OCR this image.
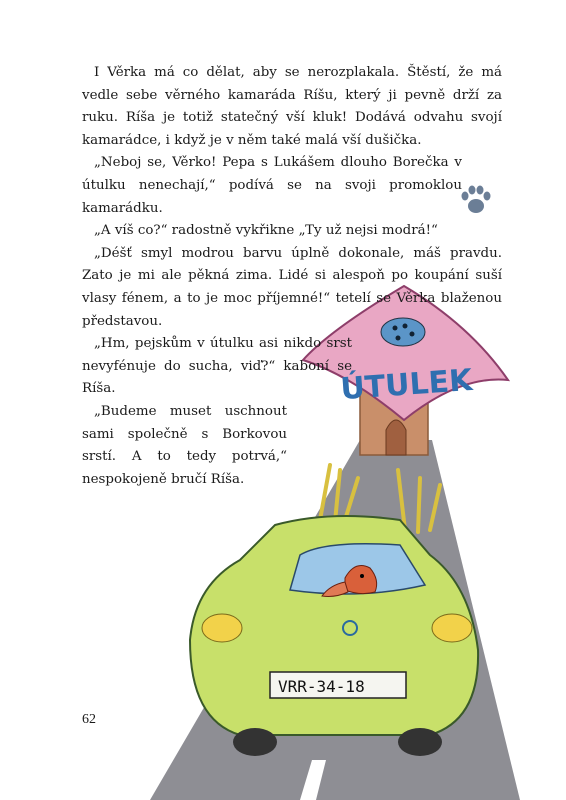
ÚTULEK
VRR-34-18

I Věrka má co dělat, aby se nerozplakala. Štěstí, že má vedle sebe věrného kamaráda Ríšu, který ji pevně drží za ruku. Ríša je totiž statečný vší kluk! Dodává odvahu svojí kamarádce, i když je v něm také malá vší dušička.

„Neboj se, Věrko! Pepa s Lukášem dlouho Borečka v útulku nenechají,“ podívá se na svoji promoklou kamarádku.

„A víš co?“ radostně vykřikne „Ty už nejsi modrá!“

„Déšť smyl modrou barvu úplně dokonale, máš pravdu. Zato je mi ale pěkná zima. Lidé si alespoň po koupání suší vlasy fénem, a to je moc příjemné!“ tetelí se Věrka blaženou představou.

„Hm, pejskům v útulku asi nikdo srst nevyfénuje do sucha, viď?“ kaboní se Ríša.

„Budeme muset uschnout sami společně s Borkovou srstí. A to tedy potrvá,“ nespokojeně bručí Ríša.

62
